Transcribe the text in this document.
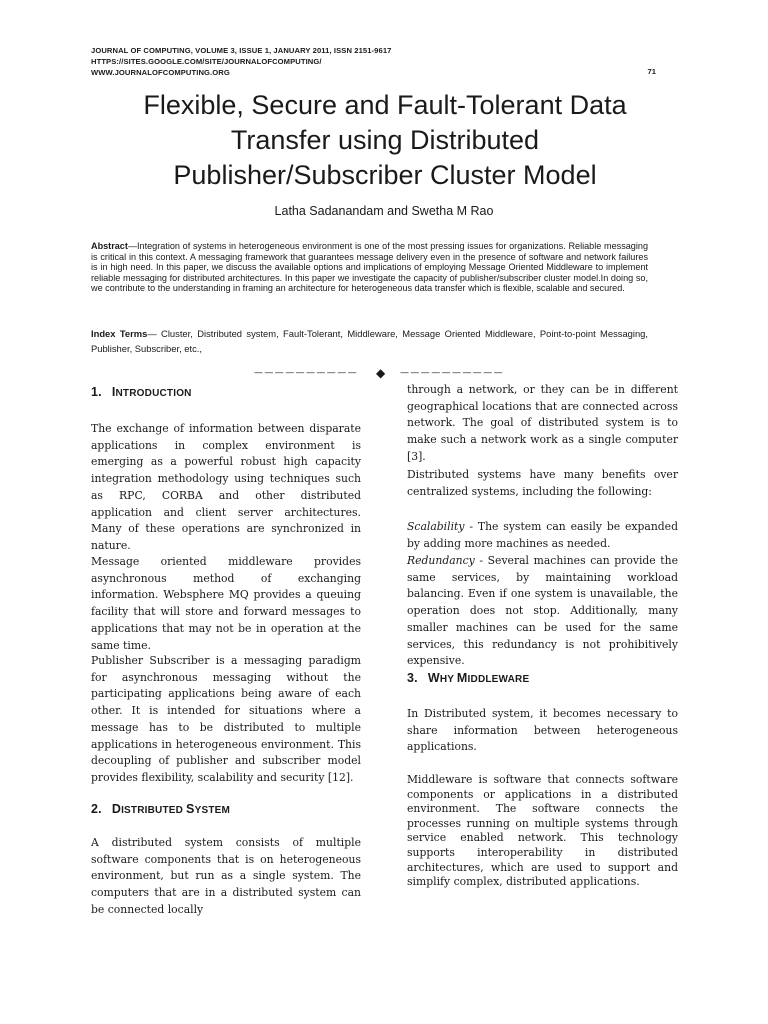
JOURNAL OF COMPUTING, VOLUME 3, ISSUE 1, JANUARY 2011, ISSN 2151-9617
HTTPS://SITES.GOOGLE.COM/SITE/JOURNALOFCOMPUTING/
WWW.JOURNALOFCOMPUTING.ORG	71
Flexible, Secure and Fault-Tolerant Data
Transfer using Distributed
Publisher/Subscriber Cluster Model
Latha Sadanandam and Swetha M Rao
Abstract—Integration of systems in heterogeneous environment is one of the most pressing issues for organizations. Reliable messaging is critical in this context. A messaging framework that guarantees message delivery even in the presence of software and network failures is in high need. In this paper, we discuss the available options and implications of employing Message Oriented Middleware to implement reliable messaging for distributed architectures. In this paper we investigate the capacity of publisher/subscriber cluster model.In doing so, we contribute to the understanding in framing an architecture for heterogeneous data transfer which is flexible, scalable and secured.
Index Terms— Cluster, Distributed system, Fault-Tolerant, Middleware, Message Oriented Middleware, Point-to-point Messaging, Publisher, Subscriber, etc.,
—————————— ◆ ——————————
1. INTRODUCTION
The exchange of information between disparate applications in complex environment is emerging as a powerful robust high capacity integration methodology using techniques such as RPC, CORBA and other distributed application and client server architectures. Many of these operations are synchronized in nature.
Message oriented middleware provides asynchronous method of exchanging information. Websphere MQ provides a queuing facility that will store and forward messages to applications that may not be in operation at the same time.
Publisher Subscriber is a messaging paradigm for asynchronous messaging without the participating applications being aware of each other. It is intended for situations where a message has to be distributed to multiple applications in heterogeneous environment. This decoupling of publisher and subscriber model provides flexibility, scalability and security [12].
2. DISTRIBUTED SYSTEM
A distributed system consists of multiple software components that is on heterogeneous environment, but run as a single system. The computers that are in a distributed system can be connected locally
through a network, or they can be in different geographical locations that are connected across network. The goal of distributed system is to make such a network work as a single computer [3].
Distributed systems have many benefits over centralized systems, including the following:
Scalability - The system can easily be expanded by adding more machines as needed.
Redundancy - Several machines can provide the same services, by maintaining workload balancing. Even if one system is unavailable, the operation does not stop. Additionally, many smaller machines can be used for the same services, this redundancy is not prohibitively expensive.
3. WHY MIDDLEWARE
In Distributed system, it becomes necessary to share information between heterogeneous applications.
Middleware is software that connects software components or applications in a distributed environment. The software connects the processes running on multiple systems through service enabled network. This technology supports interoperability in distributed architectures, which are used to support and simplify complex, distributed applications.
